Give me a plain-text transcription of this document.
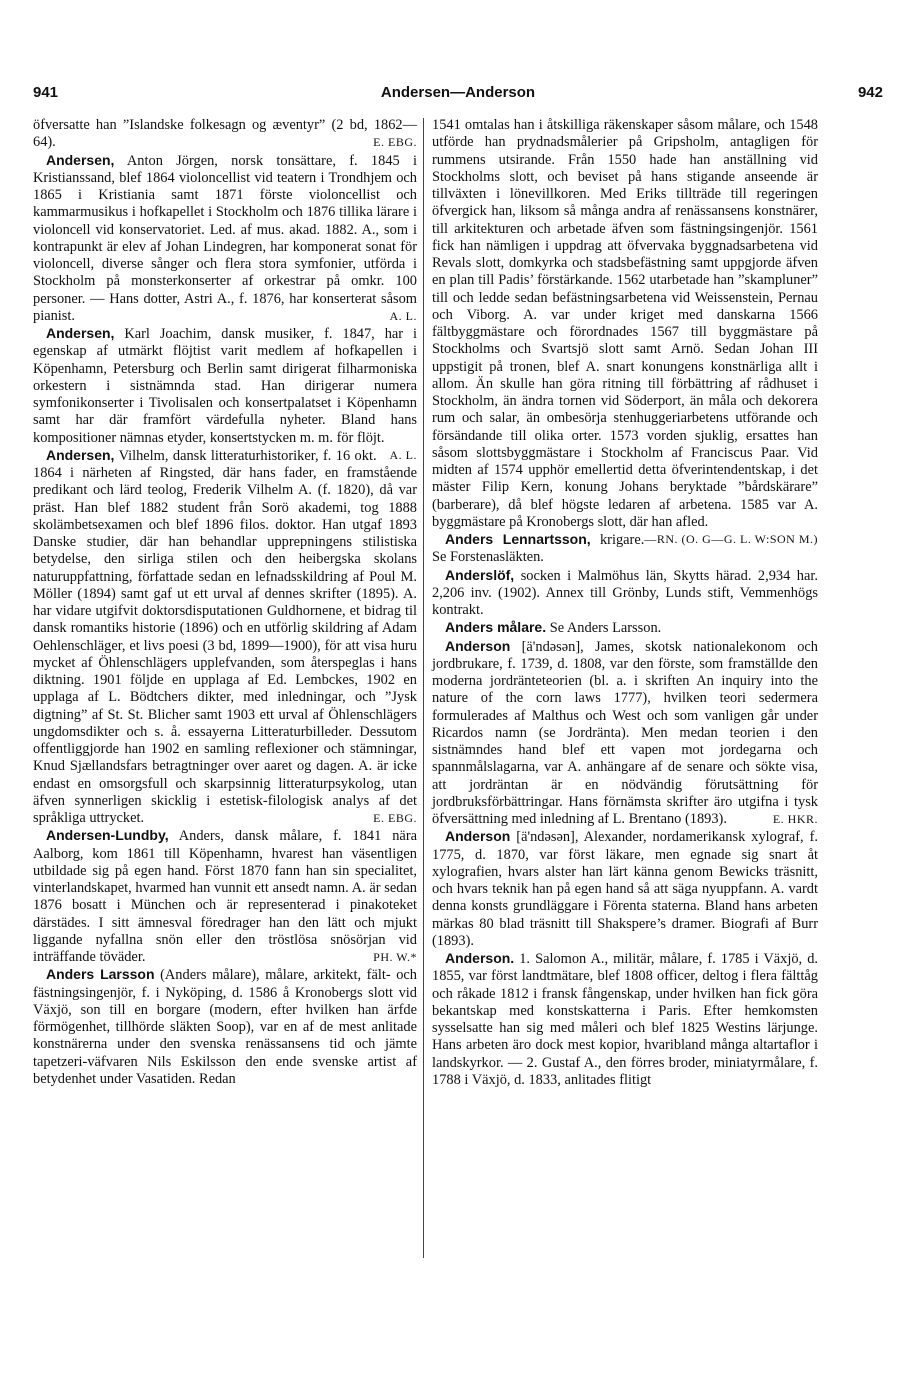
941	Andersen—Anderson	942

öfversatte han ”Islandske folkesagn og æventyr” (2 bd, 1862—64).	E. EBG.

Andersen, Anton Jörgen, norsk tonsättare, f. 1845 i Kristianssand, blef 1864 violoncellist vid teatern i Trondhjem och 1865 i Kristiania samt 1871 förste violoncellist och kammarmusikus i hofkapellet i Stockholm och 1876 tillika lärare i violoncell vid konservatoriet. Led. af mus. akad. 1882. A., som i kontrapunkt är elev af Johan Lindegren, har komponerat sonat för violoncell, diverse sånger och flera stora symfonier, utförda i Stockholm på monsterkonserter af orkestrar på omkr. 100 personer. — Hans dotter, Astri A., f. 1876, har konserterat såsom pianist.	A. L.

Andersen, Karl Joachim, dansk musiker, f. 1847, har i egenskap af utmärkt flöjtist varit medlem af hofkapellen i Köpenhamn, Petersburg och Berlin samt dirigerat filharmoniska orkestern i sistnämnda stad. Han dirigerar numera symfonikonserter i Tivolisalen och konsertpalatset i Köpenhamn samt har där framfört värdefulla nyheter. Bland hans kompositioner nämnas etyder, konsertstycken m. m. för flöjt.
A. L.

Andersen, Vilhelm, dansk litteraturhistoriker, f. 16 okt. 1864 i närheten af Ringsted, där hans fader, en framstående predikant och lärd teolog, Frederik Vilhelm A. (f. 1820), då var präst. Han blef 1882 student från Sorö akademi, tog 1888 skolämbetsexamen och blef 1896 filos. doktor. Han utgaf 1893 Danske studier, där han behandlar upprepningens stilistiska betydelse, den sirliga stilen och den heibergska skolans naturuppfattning, författade sedan en lefnadsskildring af Poul M. Möller (1894) samt gaf ut ett urval af dennes skrifter (1895). A. har vidare utgifvit doktorsdisputationen Guldhornene, et bidrag til dansk romantiks historie (1896) och en utförlig skildring af Adam Oehlenschläger, et livs poesi (3 bd, 1899—1900), för att visa huru mycket af Öhlenschlägers upplefvanden, som återspeglas i hans diktning. 1901 följde en upplaga af Ed. Lembckes, 1902 en upplaga af L. Bödtchers dikter, med inledningar, och ”Jysk digtning” af St. St. Blicher samt 1903 ett urval af Öhlenschlägers ungdomsdikter och s. å. essayerna Litteraturbilleder. Dessutom offentliggjorde han 1902 en samling reflexioner och stämningar, Knud Sjællandsfars betragtninger over aaret og dagen. A. är icke endast en omsorgsfull och skarpsinnig litteraturpsykolog, utan äfven synnerligen skicklig i estetisk-filologisk analys af det språkliga uttrycket.	E. EBG.

Andersen-Lundby, Anders, dansk målare, f. 1841 nära Aalborg, kom 1861 till Köpenhamn, hvarest han väsentligen utbildade sig på egen hand. Först 1870 fann han sin specialitet, vinterlandskapet, hvarmed han vunnit ett ansedt namn. A. är sedan 1876 bosatt i München och är representerad i pinakoteket därstädes. I sitt ämnesval föredrager han den lätt och mjukt liggande nyfallna snön eller den tröstlösa snösörjan vid inträffande töväder.	PH. W.*

Anders Larsson (Anders målare), målare, arkitekt, fält- och fästningsingenjör, f. i Nyköping, d. 1586 å Kronobergs slott vid Växjö, son till en borgare (modern, efter hvilken han ärfde förmögenhet, tillhörde släkten Soop), var en af de mest anlitade konstnärerna under den svenska renässansens tid och jämte tapetzeri-väfvaren Nils Eskilsson den ende svenske artist af betydenhet under Vasatiden. Redan

1541 omtalas han i åtskilliga räkenskaper såsom målare, och 1548 utförde han prydnadsmålerier på Gripsholm, antagligen för rummens utsirande. Från 1550 hade han anställning vid Stockholms slott, och beviset på hans stigande anseende är tillväxten i lönevillkoren. Med Eriks tillträde till regeringen öfvergick han, liksom så många andra af renässansens konstnärer, till arkitekturen och arbetade äfven som fästningsingenjör. 1561 fick han nämligen i uppdrag att öfvervaka byggnadsarbetena vid Revals slott, domkyrka och stadsbefästning samt uppgjorde äfven en plan till Padis’ förstärkande. 1562 utarbetade han ”skampluner” till och ledde sedan befästningsarbetena vid Weissenstein, Pernau och Viborg. A. var under kriget med danskarna 1566 fältbyggmästare och förordnades 1567 till byggmästare på Stockholms och Svartsjö slott samt Arnö. Sedan Johan III uppstigit på tronen, blef A. snart konungens konstnärliga allt i allom. Än skulle han göra ritning till förbättring af rådhuset i Stockholm, än ändra tornen vid Söderport, än måla och dekorera rum och salar, än ombesörja stenhuggeriarbetens utförande och försändande till olika orter. 1573 vorden sjuklig, ersattes han såsom slottsbyggmästare i Stockholm af Franciscus Paar. Vid midten af 1574 upphör emellertid detta öfverintendentskap, i det mäster Filip Kern, konung Johans beryktade ”bårdskärare” (barberare), då blef högste ledaren af arbetena. 1585 var A. byggmästare på Kronobergs slott, där han afled.
—RN. (O. G—G. L. W:SON M.)

Anders Lennartsson, krigare. Se Forstenasläkten.

Anderslöf, socken i Malmöhus län, Skytts härad. 2,934 har. 2,206 inv. (1902). Annex till Grönby, Lunds stift, Vemmenhögs kontrakt.

Anders målare. Se Anders Larsson.

Anderson [ä'ndəsən], James, skotsk nationalekonom och jordbrukare, f. 1739, d. 1808, var den förste, som framställde den moderna jordränteteorien (bl. a. i skriften An inquiry into the nature of the corn laws 1777), hvilken teori sedermera formulerades af Malthus och West och som vanligen går under Ricardos namn (se Jordränta). Men medan teorien i den sistnämndes hand blef ett vapen mot jordegarna och spannmålslagarna, var A. anhängare af de senare och sökte visa, att jordräntan är en nödvändig förutsättning för jordbruksförbättringar. Hans förnämsta skrifter äro utgifna i tysk öfversättning med inledning af L. Brentano (1893).	E. HKR.

Anderson [ä'ndəsən], Alexander, nordamerikansk xylograf, f. 1775, d. 1870, var först läkare, men egnade sig snart åt xylografien, hvars alster han lärt känna genom Bewicks träsnitt, och hvars teknik han på egen hand så att säga nyuppfann. A. vardt denna konsts grundläggare i Förenta staterna. Bland hans arbeten märkas 80 blad träsnitt till Shakspere’s dramer. Biografi af Burr (1893).

Anderson. 1. Salomon A., militär, målare, f. 1785 i Växjö, d. 1855, var först landtmätare, blef 1808 officer, deltog i flera fälttåg och råkade 1812 i fransk fångenskap, under hvilken han fick göra bekantskap med konstskatterna i Paris. Efter hemkomsten sysselsatte han sig med måleri och blef 1825 Westins lärjunge. Hans arbeten äro dock mest kopior, hvaribland många altartaflor i landskyrkor. — 2. Gustaf A., den förres broder, miniatyrmålare, f. 1788 i Växjö, d. 1833, anlitades flitigt
